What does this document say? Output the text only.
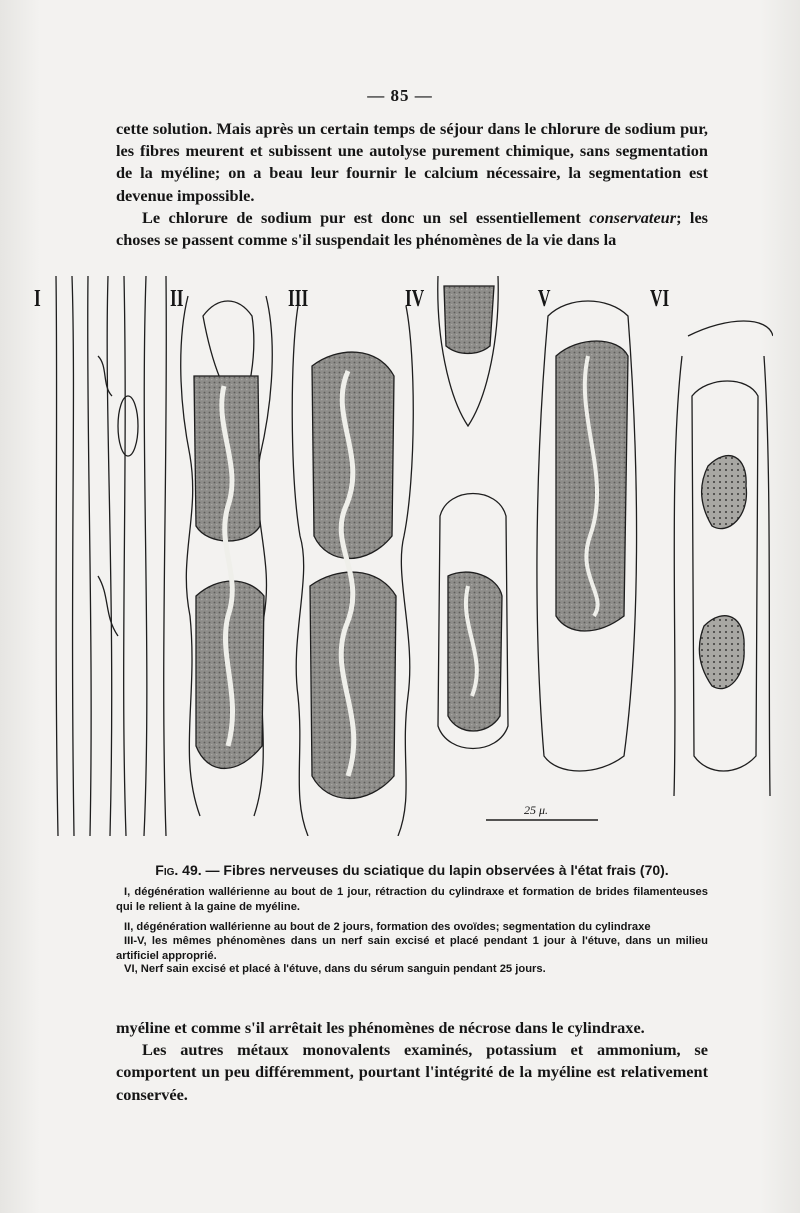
— 85 —

cette solution. Mais après un certain temps de séjour dans le chlorure de sodium pur, les fibres meurent et subissent une autolyse purement chimique, sans segmentation de la myéline; on a beau leur fournir le calcium nécessaire, la segmentation est devenue impossible.

Le chlorure de sodium pur est donc un sel essentiellement conservateur; les choses se passent comme s'il suspendait les phénomènes de la vie dans la

I	II	III	IV	V	VI
25 μ.
Fig. 49. — Fibres nerveuses du sciatique du lapin observées à l'état frais (70).

I, dégénération wallérienne au bout de 1 jour, rétraction du cylindraxe et formation de brides filamenteuses qui le relient à la gaine de myéline.

II, dégénération wallérienne au bout de 2 jours, formation des ovoïdes; segmentation du cylindraxe

III-V, les mêmes phénomènes dans un nerf sain excisé et placé pendant 1 jour à l'étuve, dans un milieu artificiel approprié.

VI, Nerf sain excisé et placé à l'étuve, dans du sérum sanguin pendant 25 jours.

myéline et comme s'il arrêtait les phénomènes de nécrose dans le cylindraxe.

Les autres métaux monovalents examinés, potassium et ammonium, se comportent un peu différemment, pourtant l'intégrité de la myéline est relativement conservée.
